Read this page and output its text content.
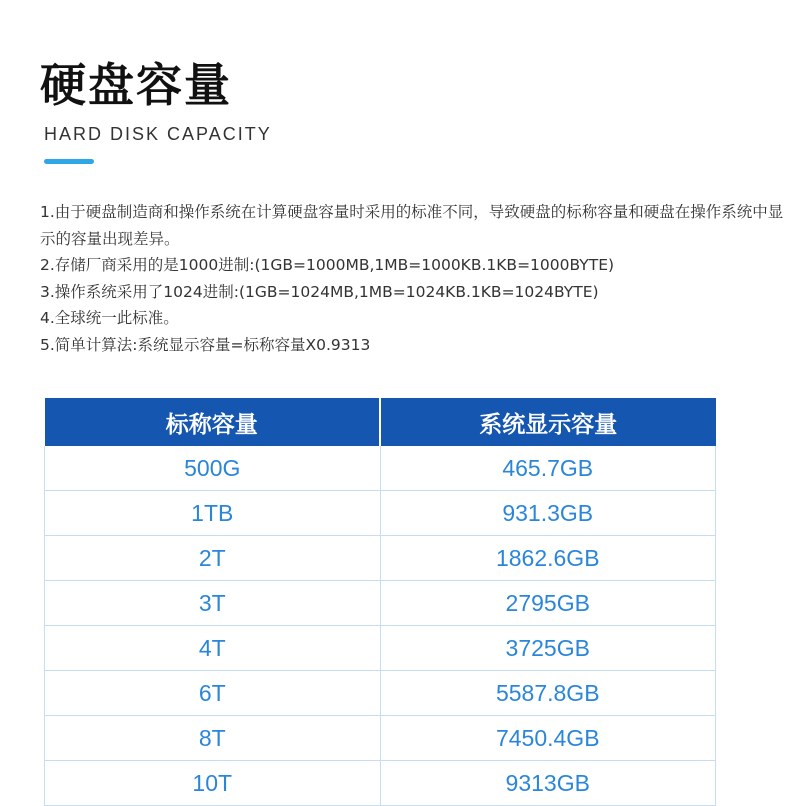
硬盘容量
HARD DISK CAPACITY
1.由于硬盘制造商和操作系统在计算硬盘容量时采用的标准不同，导致硬盘的标称容量和硬盘在操作系统中显示的容量出现差异。
2.存储厂商采用的是1000进制:(1GB=1000MB,1MB=1000KB.1KB=1000BYTE)
3.操作系统采用了1024进制:(1GB=1024MB,1MB=1024KB.1KB=1024BYTE)
4.全球统一此标准。
5.简单计算法:系统显示容量=标称容量X0.9313
标称容量	系统显示容量
500G	465.7GB
1TB	931.3GB
2T	1862.6GB
3T	2795GB
4T	3725GB
6T	5587.8GB
8T	7450.4GB
10T	9313GB
